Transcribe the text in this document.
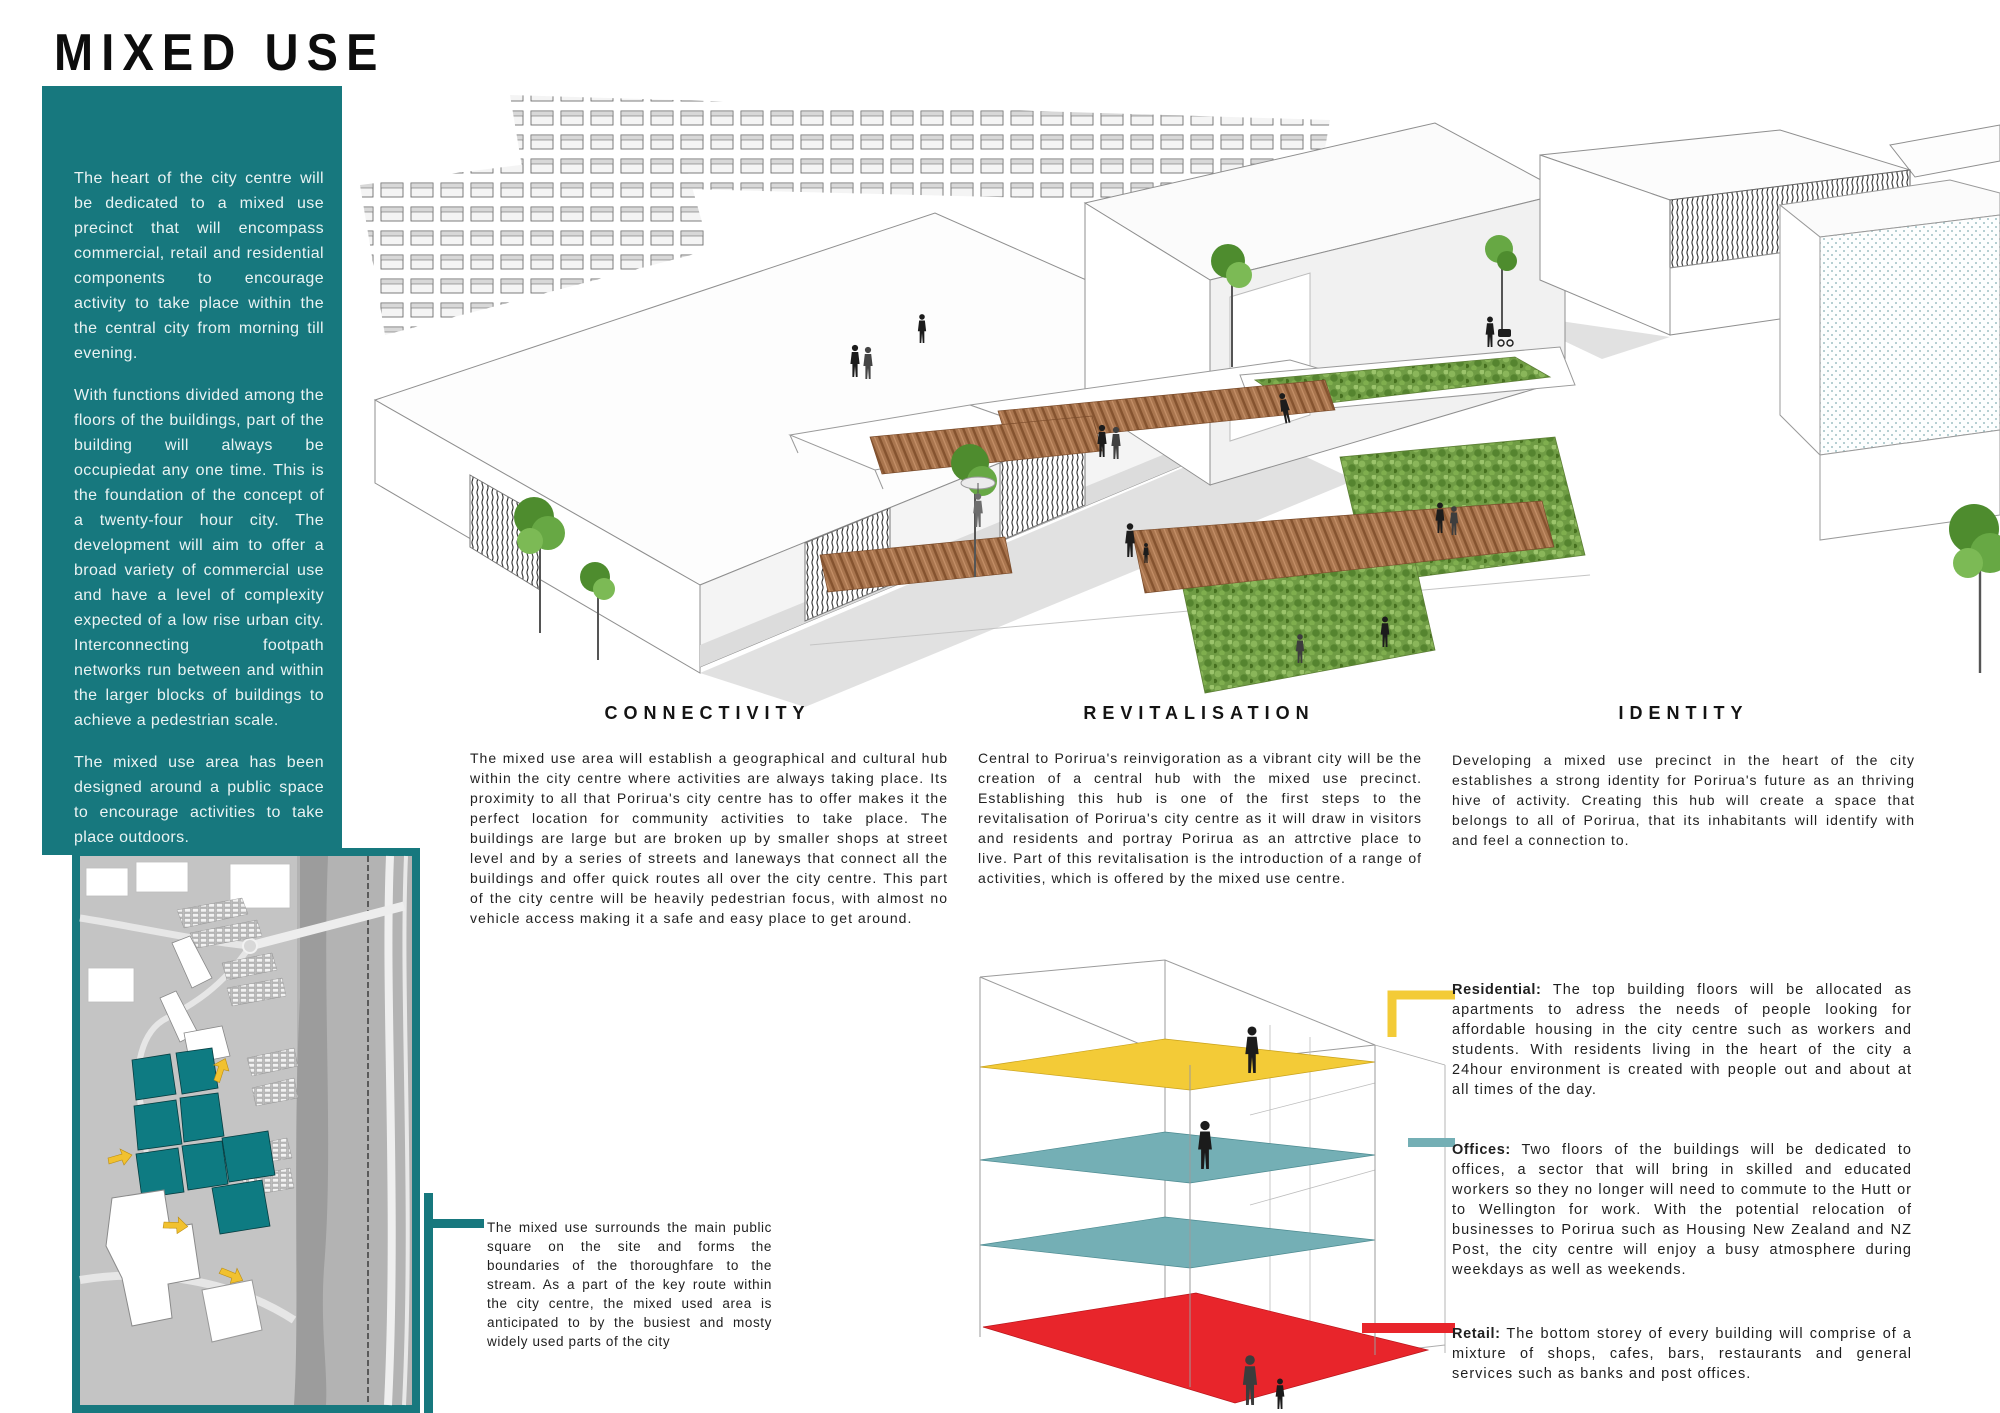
MIXED USE

The heart of the city centre will be dedicated to a mixed use precinct that will encompass commercial, retail and residential components to encourage activity to take place within the the central city from morning till evening.

With functions divided among the floors of the buildings, part of the building will always be occupiedat any one time. This is the foundation of the concept of a twenty-four hour city. The development will aim to offer a broad variety of commercial use and have a level of complexity expected of a low rise urban city. Interconnecting footpath networks run between and within the larger blocks of buildings to achieve a pedestrian scale.

The mixed use area has been designed around a public space to encourage activities to take place outdoors.

The mixed use surrounds the main public square on the site and forms the boundaries of the thoroughfare to the stream. As a part of the key route within the city centre, the mixed used area is anticipated to by the busiest and mosty widely used parts of the city
CONNECTIVITY
The mixed use area will establish a geographical and cultural hub within the city centre where activities are always taking place. Its proximity to all that Porirua's city centre has to offer makes it the perfect location for community activities to take place. The buildings are large but are broken up by smaller shops at street level and by a series of streets and laneways that connect all the buildings and offer quick routes all over the city centre. This part of the city centre will be heavily pedestrian focus, with almost no vehicle access making it a safe and easy place to get around.
REVITALISATION
Central to Porirua's reinvigoration as a vibrant city will be the creation of a central hub with the mixed use precinct. Establishing this hub is one of the first steps to the revitalisation of Porirua's city centre as it will draw in visitors and residents and portray Porirua as an attrctive place to live. Part of this revitalisation is the introduction of a range of activities, which is offered by the mixed use centre.
IDENTITY
Developing a mixed use precinct in the heart of the city establishes a strong identity for Porirua's future as an thriving hive of activity. Creating this hub will create a space that belongs to all of Porirua, that its inhabitants will identify with and feel a connection to.
Residential: The top building floors will be allocated as apartments to adress the needs of people looking for affordable housing in the city centre such as workers and students. With residents living in the heart of the city a 24hour environment is created with people out and about at all times of the day.
Offices: Two floors of the buildings will be dedicated to offices, a sector that will bring in skilled and educated workers so they no longer will need to commute to the Hutt or to Wellington for work. With the potential relocation of businesses to Porirua such as Housing New Zealand and NZ Post, the city centre will enjoy a busy atmosphere during weekdays as well as weekends.
Retail: The bottom storey of every building will comprise of a mixture of shops, cafes, bars, restaurants and general services such as banks and post offices.
